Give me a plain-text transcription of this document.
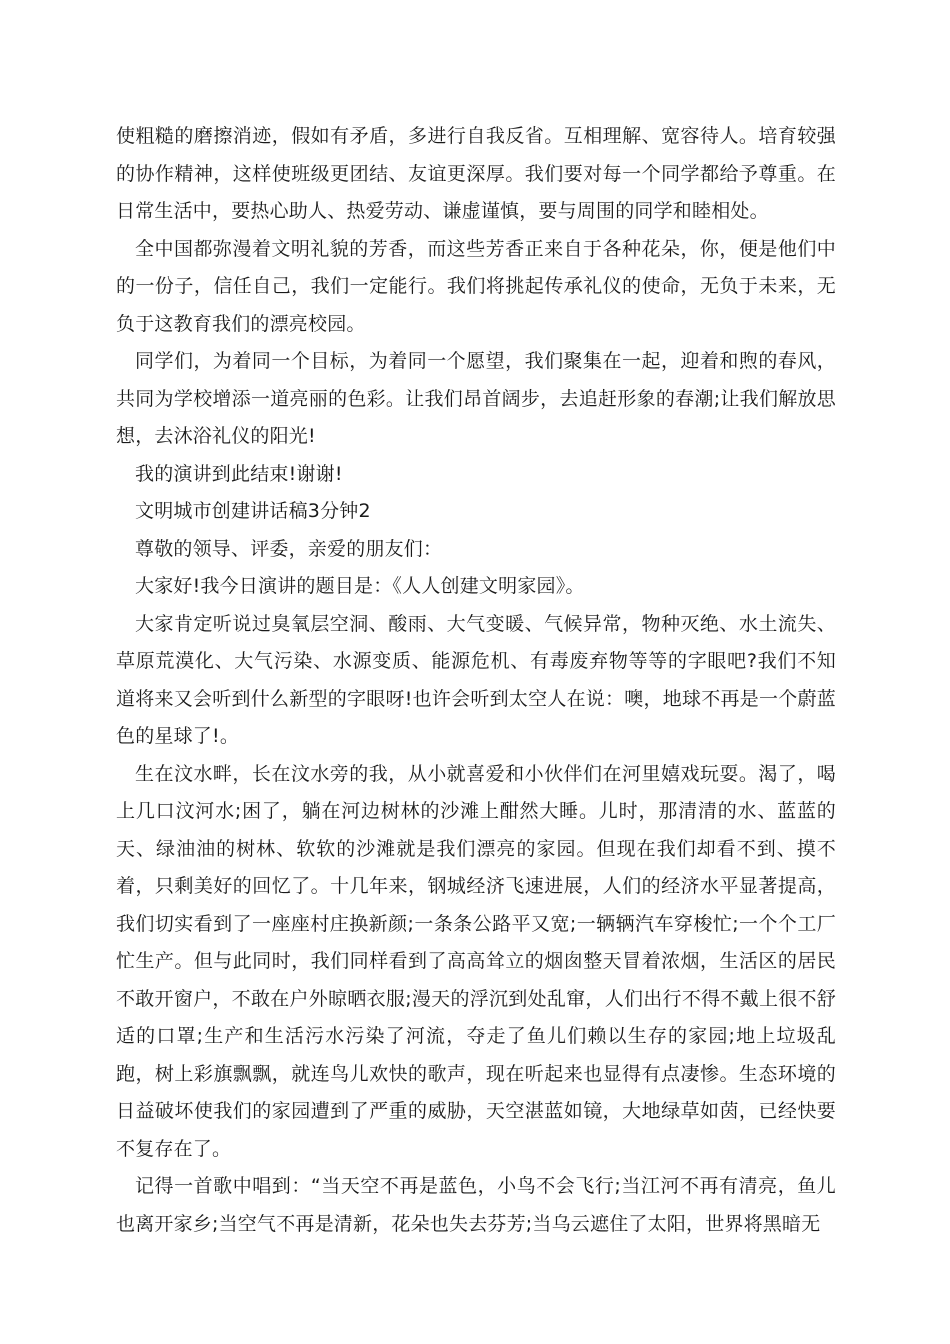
使粗糙的磨擦消迹，假如有矛盾，多进行自我反省。互相理解、宽容待人。培育较强的协作精神，这样使班级更团结、友谊更深厚。我们要对每一个同学都给予尊重。在日常生活中，要热心助人、热爱劳动、谦虚谨慎，要与周围的同学和睦相处。

全中国都弥漫着文明礼貌的芳香，而这些芳香正来自于各种花朵，你，便是他们中的一份子，信任自己，我们一定能行。我们将挑起传承礼仪的使命，无负于未来，无负于这教育我们的漂亮校园。

同学们，为着同一个目标，为着同一个愿望，我们聚集在一起，迎着和煦的春风，共同为学校增添一道亮丽的色彩。让我们昂首阔步，去追赶形象的春潮;让我们解放思想，去沐浴礼仪的阳光!

我的演讲到此结束!谢谢!

文明城市创建讲话稿3分钟2

尊敬的领导、评委，亲爱的朋友们：

大家好!我今日演讲的题目是：《人人创建文明家园》。

大家肯定听说过臭氧层空洞、酸雨、大气变暖、气候异常，物种灭绝、水土流失、草原荒漠化、大气污染、水源变质、能源危机、有毒废弃物等等的字眼吧?我们不知道将来又会听到什么新型的字眼呀!也许会听到太空人在说：噢，地球不再是一个蔚蓝色的星球了!。

生在汶水畔，长在汶水旁的我，从小就喜爱和小伙伴们在河里嬉戏玩耍。渴了，喝上几口汶河水;困了，躺在河边树林的沙滩上酣然大睡。儿时，那清清的水、蓝蓝的天、绿油油的树林、软软的沙滩就是我们漂亮的家园。但现在我们却看不到、摸不着，只剩美好的回忆了。十几年来，钢城经济飞速进展，人们的经济水平显著提高，我们切实看到了一座座村庄换新颜;一条条公路平又宽;一辆辆汽车穿梭忙;一个个工厂忙生产。但与此同时，我们同样看到了高高耸立的烟囱整天冒着浓烟，生活区的居民不敢开窗户，不敢在户外晾晒衣服;漫天的浮沉到处乱窜，人们出行不得不戴上很不舒适的口罩;生产和生活污水污染了河流，夺走了鱼儿们赖以生存的家园;地上垃圾乱跑，树上彩旗飘飘，就连鸟儿欢快的歌声，现在听起来也显得有点凄惨。生态环境的日益破坏使我们的家园遭到了严重的威胁，天空湛蓝如镜，大地绿草如茵，已经快要不复存在了。

记得一首歌中唱到：“当天空不再是蓝色，小鸟不会飞行;当江河不再有清亮，鱼儿也离开家乡;当空气不再是清新，花朵也失去芬芳;当乌云遮住了太阳，世界将黑暗无
